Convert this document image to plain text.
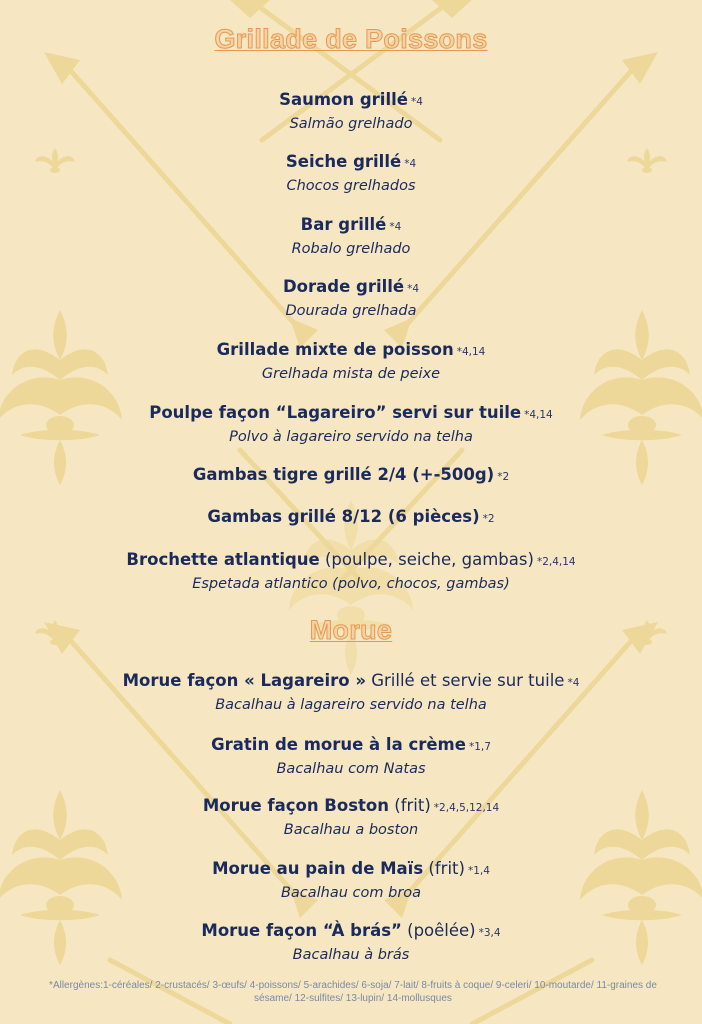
Grillade de Poissons
Saumon grillé *4
Salmão grelhado
Seiche grillé *4
Chocos grelhados
Bar grillé *4
Robalo grelhado
Dorade grillé *4
Dourada grelhada
Grillade mixte de poisson *4,14
Grelhada mista de peixe
Poulpe façon “Lagareiro” servi sur tuile *4,14
Polvo à lagareiro servido na telha
Gambas tigre grillé 2/4 (+-500g) *2
Gambas grillé 8/12 (6 pièces) *2
Brochette atlantique (poulpe, seiche, gambas) *2,4,14
Espetada atlantico (polvo, chocos, gambas)
Morue
Morue façon « Lagareiro » Grillé et servie sur tuile *4
Bacalhau à lagareiro servido na telha
Gratin de morue à la crème *1,7
Bacalhau com Natas
Morue façon Boston (frit) *2,4,5,12,14
Bacalhau a boston
Morue au pain de Maïs (frit) *1,4
Bacalhau com broa
Morue façon “À brás” (poêlée) *3,4
Bacalhau à brás
*Allergènes:1-céréales/ 2-crustacés/ 3-œufs/ 4-poissons/ 5-arachides/ 6-soja/ 7-lait/ 8-fruits à coque/ 9-celeri/ 10-moutarde/ 11-graines de sésame/ 12-sulfites/ 13-lupin/ 14-mollusques
